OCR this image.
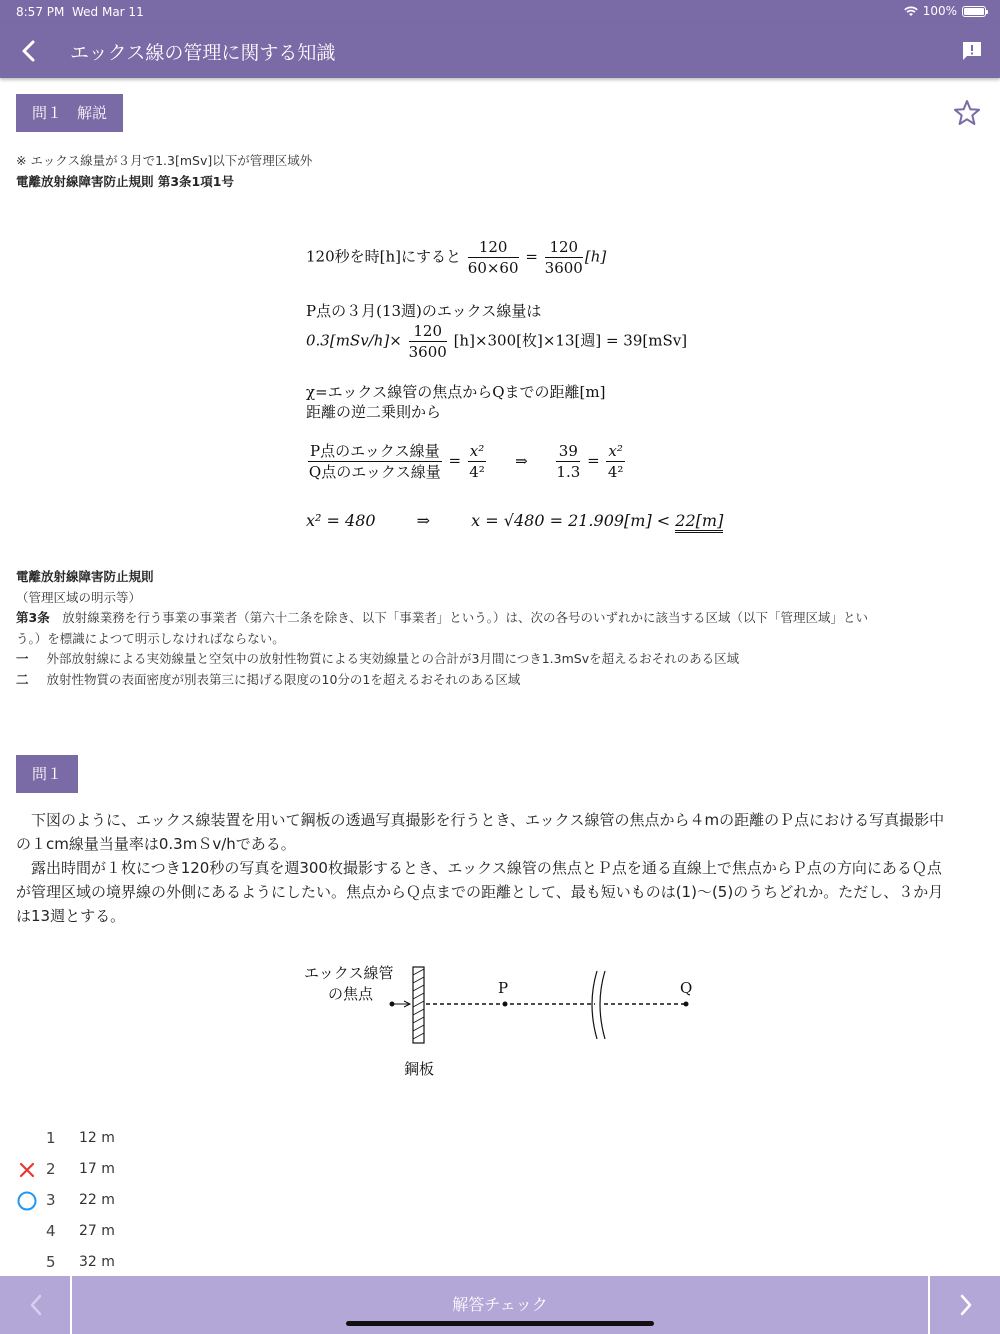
8:57 PM Wed Mar 11	100%
エックス線の管理に関する知識
問１　解説
※ エックス線量が３月で1.3[mSv]以下が管理区域外
電離放射線障害防止規則 第3条1項1号
120秒を時[h]にすると $\frac{120}{60\times 60} = \frac{120}{3600} [h]$
P点の３月(13週)のエックス線量は
$0.3[mSv/h]\times \frac{120}{3600} [h]\times 300$[枚]×13[週] = 39[mSv]
χ=エックス線管の焦点からQまでの距離[m]
距離の逆二乗則から
$\frac{\text{P点のエックス線量}}{\text{Q点のエックス線量}} = \frac{\text{x²}}{\text{4²}}$ ⇒ $\frac{39}{1.3} = \frac{\text{x²}}{\text{4²}}$
x² = 480	⇒	x = √480 = 21.909[m] < 22[m]
電離放射線障害防止規則
（管理区域の明示等）
第3条　放射線業務を行う事業の事業者（第六十二条を除き、以下「事業者」という。）は、次の各号のいずれかに該当する区域（以下「管理区域」とい
う。）を標識によつて明示しなければならない。
一 外部放射線による実効線量と空気中の放射性物質による実効線量との合計が3月間につき1.3mSvを超えるおそれのある区域
二 放射性物質の表面密度が別表第三に掲げる限度の10分の1を超えるおそれのある区域
問１
　下図のように、エックス線装置を用いて鋼板の透過写真撮影を行うとき、エックス線管の焦点から４mの距離のＰ点における写真撮影中
の１cm線量当量率は0.3mＳv/hである。
　露出時間が１枚につき120秒の写真を週300枚撮影するとき、エックス線管の焦点とＰ点を通る直線上で焦点からＰ点の方向にあるＱ点
が管理区域の境界線の外側にあるようにしたい。焦点からＱ点までの距離として、最も短いものは(1)〜(5)のうちどれか。ただし、３か月
は13週とする。
エックス線管
の焦点	P	Q
鋼板
1 12 m
2 17 m
3 22 m
4 27 m
5 32 m
解答チェック
